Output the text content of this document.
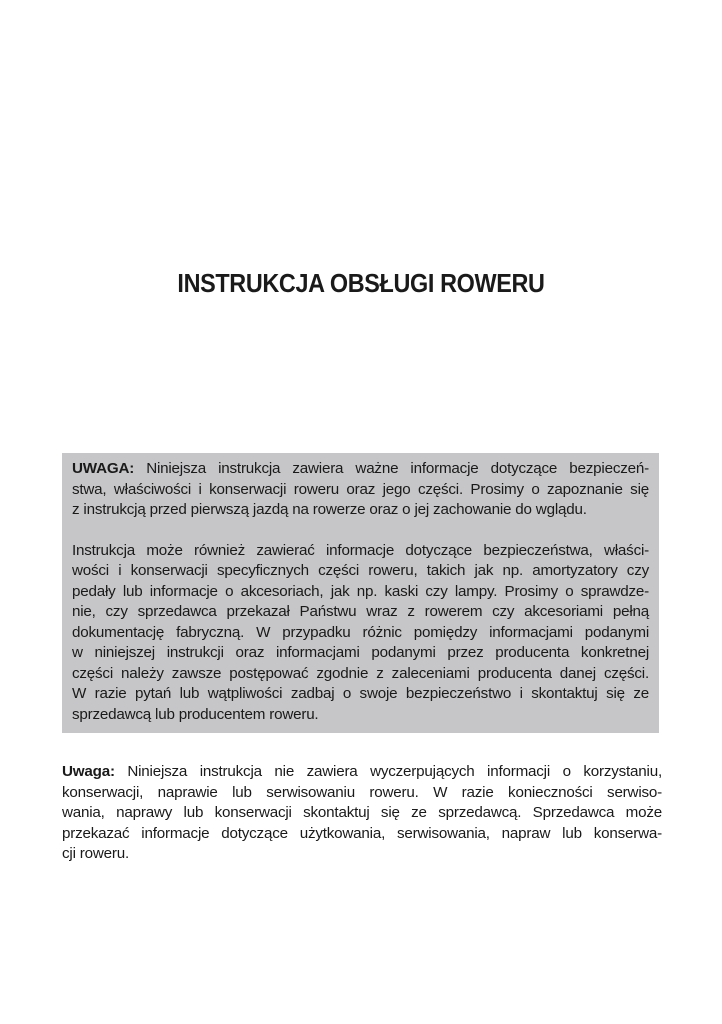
INSTRUKCJA OBSŁUGI ROWERU

UWAGA: Niniejsza instrukcja zawiera ważne informacje dotyczące bezpieczeń-
stwa, właściwości i konserwacji roweru oraz jego części. Prosimy o zapoznanie się
z instrukcją przed pierwszą jazdą na rowerze oraz o jej zachowanie do wglądu.

Instrukcja może również zawierać informacje dotyczące bezpieczeństwa, właści-
wości i konserwacji specyficznych części roweru, takich jak np. amortyzatory czy
pedały lub informacje o akcesoriach, jak np. kaski czy lampy. Prosimy o sprawdze-
nie, czy sprzedawca przekazał Państwu wraz z rowerem czy akcesoriami pełną
dokumentację fabryczną. W przypadku różnic pomiędzy informacjami podanymi
w niniejszej instrukcji oraz informacjami podanymi przez producenta konkretnej
części należy zawsze postępować zgodnie z zaleceniami producenta danej części.
W razie pytań lub wątpliwości zadbaj o swoje bezpieczeństwo i skontaktuj się ze
sprzedawcą lub producentem roweru.

Uwaga: Niniejsza instrukcja nie zawiera wyczerpujących informacji o korzystaniu,
konserwacji, naprawie lub serwisowaniu roweru. W razie konieczności serwiso-
wania, naprawy lub konserwacji skontaktuj się ze sprzedawcą. Sprzedawca może
przekazać informacje dotyczące użytkowania, serwisowania, napraw lub konserwa-
cji roweru.
